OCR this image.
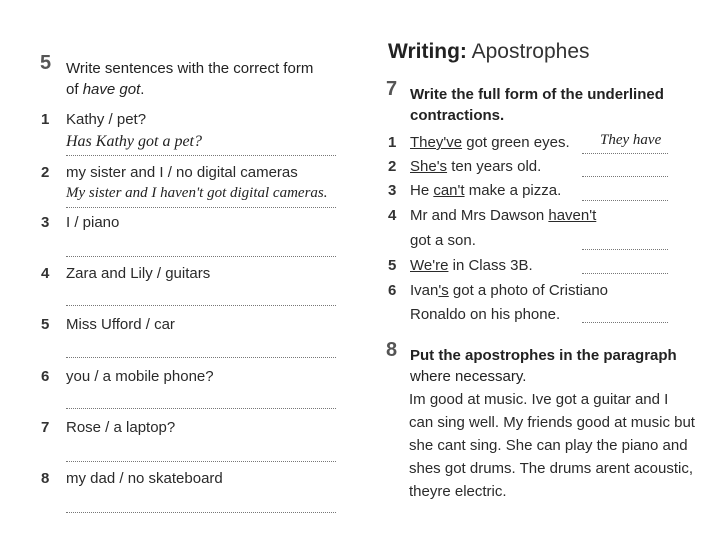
5 Write sentences with the correct form
of have got.
1 Kathy / pet?
Has Kathy got a pet?
2 my sister and I / no digital cameras
My sister and I haven't got digital cameras.
3 I / piano
4 Zara and Lily / guitars
5 Miss Ufford / car
6 you / a mobile phone?
7 Rose / a laptop?
8 my dad / no skateboard
Writing: Apostrophes
7 Write the full form of the underlined
contractions.
1 They've got green eyes. They have
2 She's ten years old.
3 He can't make a pizza.
4 Mr and Mrs Dawson haven't
got a son.
5 We're in Class 3B.
6 Ivan's got a photo of Cristiano
Ronaldo on his phone.
8 Put the apostrophes in the paragraph
where necessary.
Im good at music. Ive got a guitar and I
can sing well. My friends good at music but
she cant sing. She can play the piano and
shes got drums. The drums arent acoustic,
theyre electric.
